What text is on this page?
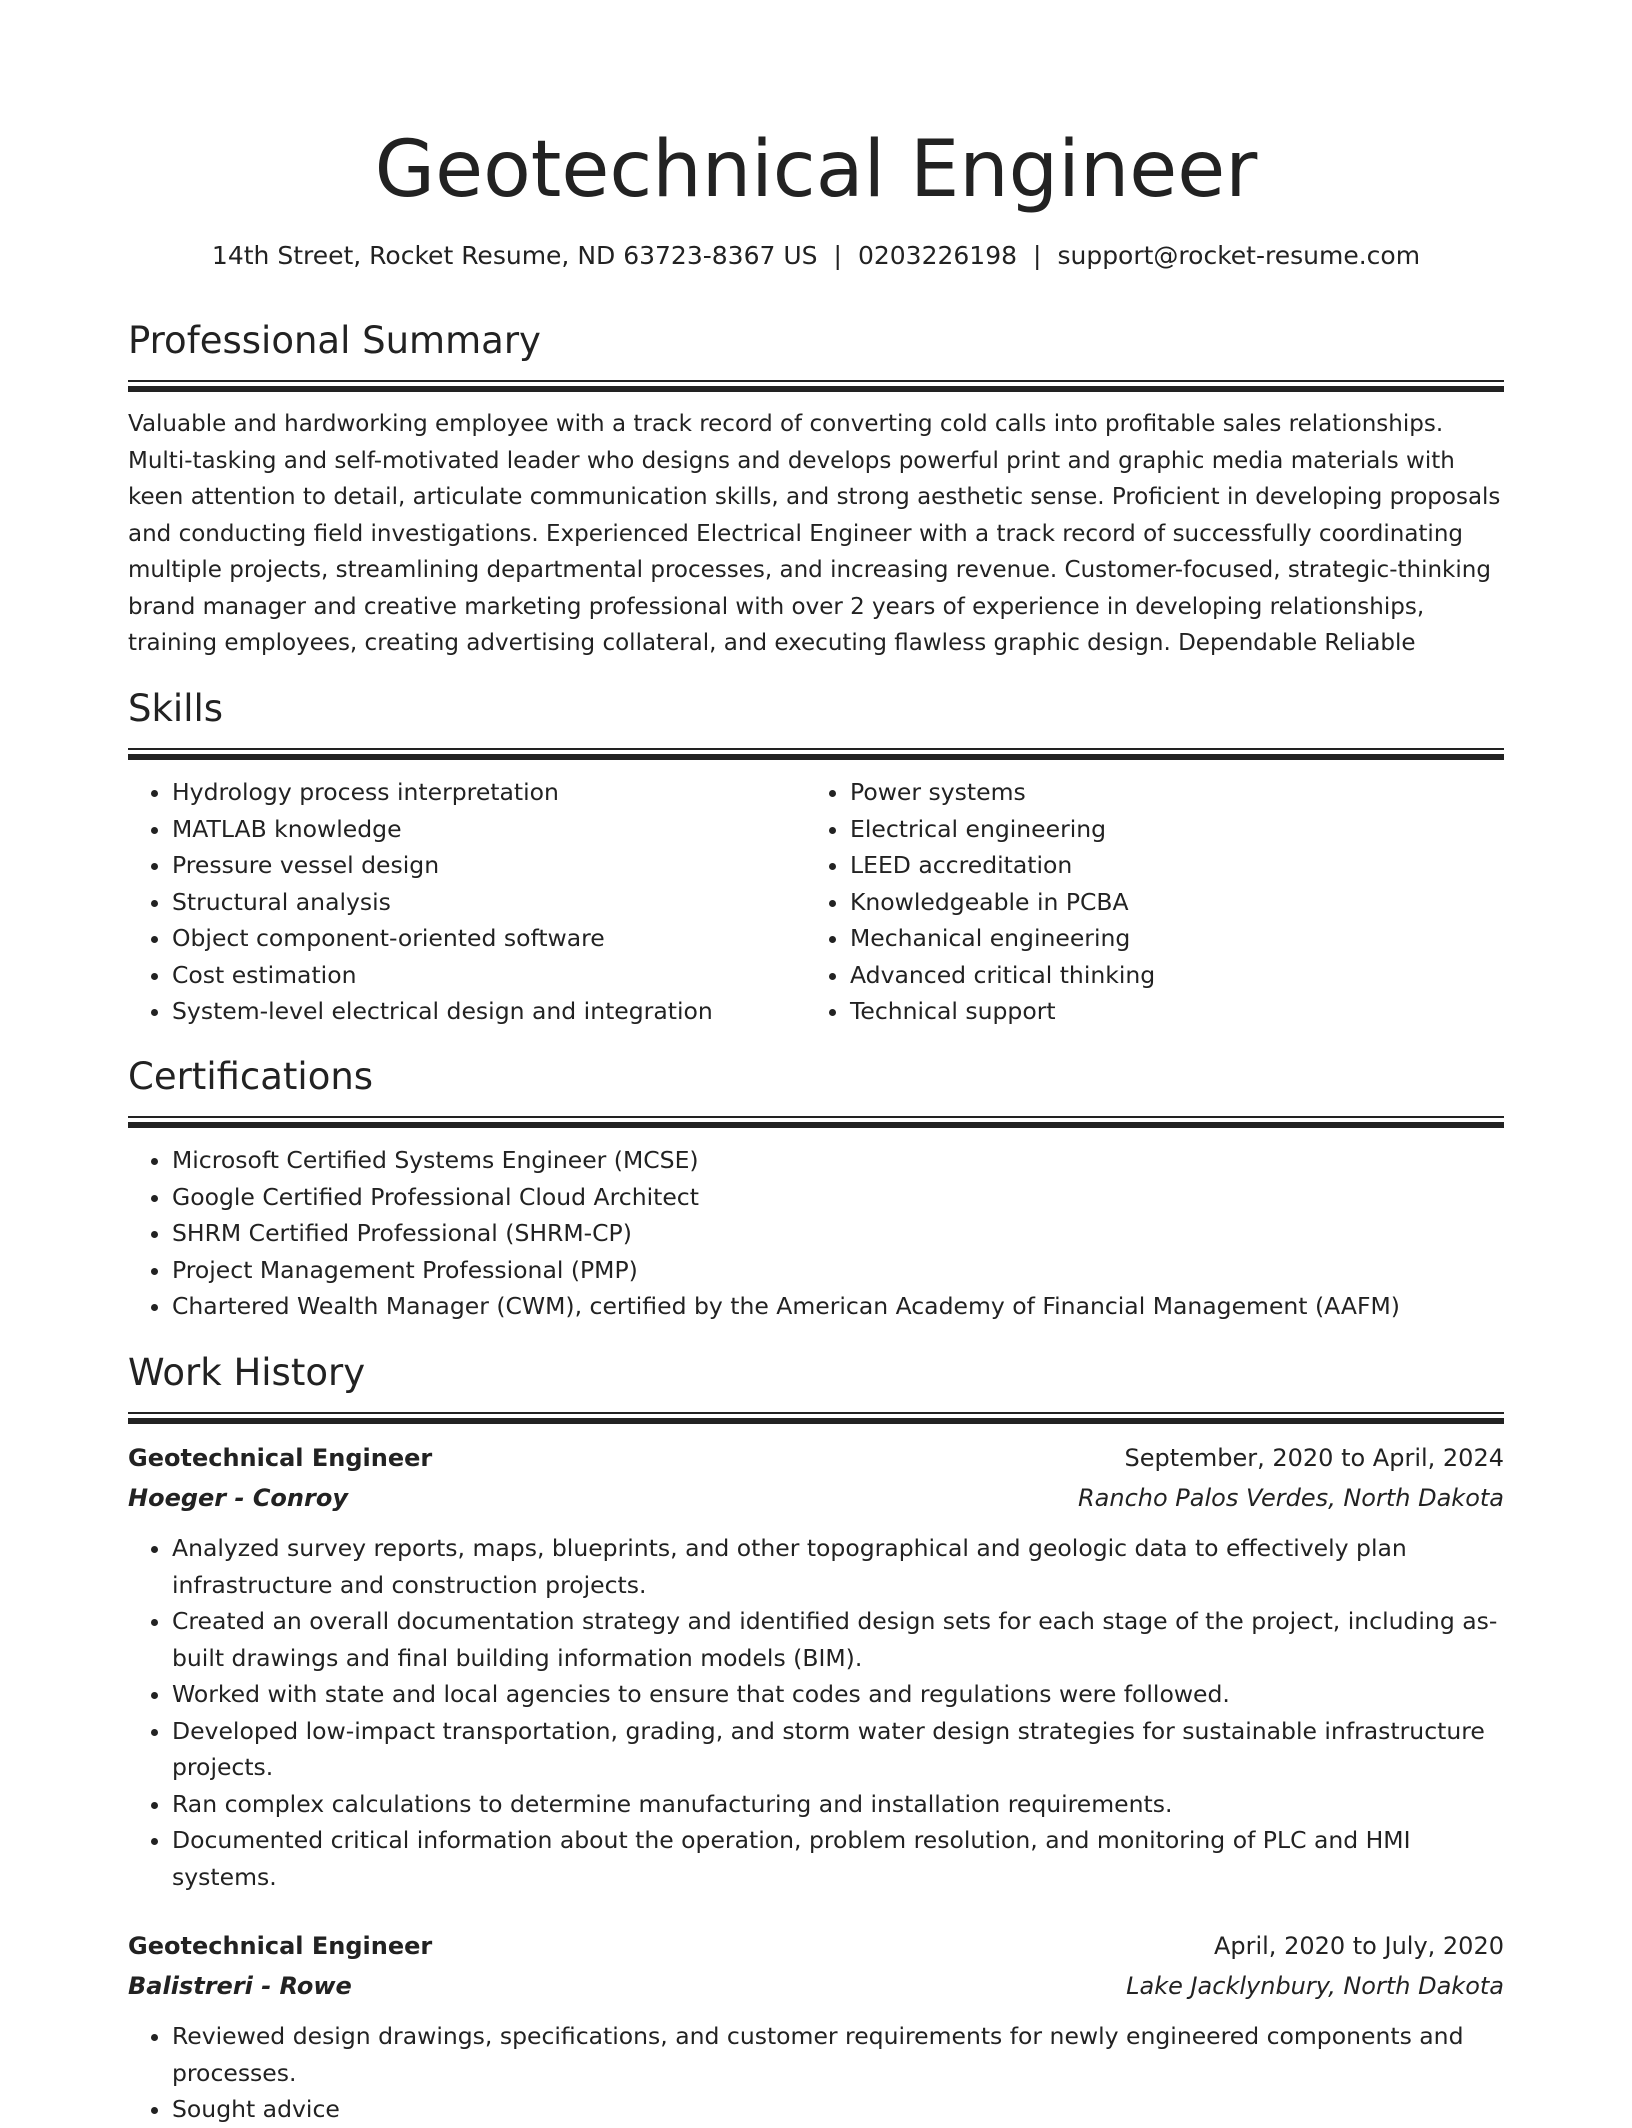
Geotechnical Engineer
14th Street, Rocket Resume, ND 63723-8367 US | 0203226198 | support@rocket-resume.com
Professional Summary

Valuable and hardworking employee with a track record of converting cold calls into profitable sales relationships. Multi-tasking and self-motivated leader who designs and develops powerful print and graphic media materials with keen attention to detail, articulate communication skills, and strong aesthetic sense. Proficient in developing proposals and conducting field investigations. Experienced Electrical Engineer with a track record of successfully coordinating multiple projects, streamlining departmental processes, and increasing revenue. Customer-focused, strategic-thinking brand manager and creative marketing professional with over 2 years of experience in developing relationships, training employees, creating advertising collateral, and executing flawless graphic design. Dependable Reliable

Skills
• Hydrology process interpretation
• MATLAB knowledge
• Pressure vessel design
• Structural analysis
• Object component-oriented software
• Cost estimation
• System-level electrical design and integration
• Power systems
• Electrical engineering
• LEED accreditation
• Knowledgeable in PCBA
• Mechanical engineering
• Advanced critical thinking
• Technical support
Certifications
• Microsoft Certified Systems Engineer (MCSE)
• Google Certified Professional Cloud Architect
• SHRM Certified Professional (SHRM-CP)
• Project Management Professional (PMP)
• Chartered Wealth Manager (CWM), certified by the American Academy of Financial Management (AAFM)
Work History
Geotechnical Engineer	September, 2020 to April, 2024
Hoeger - Conroy	Rancho Palos Verdes, North Dakota
• Analyzed survey reports, maps, blueprints, and other topographical and geologic data to effectively plan infrastructure and construction projects.
• Created an overall documentation strategy and identified design sets for each stage of the project, including as-built drawings and final building information models (BIM).
• Worked with state and local agencies to ensure that codes and regulations were followed.
• Developed low-impact transportation, grading, and storm water design strategies for sustainable infrastructure projects.
• Ran complex calculations to determine manufacturing and installation requirements.
• Documented critical information about the operation, problem resolution, and monitoring of PLC and HMI systems.
Geotechnical Engineer	April, 2020 to July, 2020
Balistreri - Rowe	Lake Jacklynbury, North Dakota
• Reviewed design drawings, specifications, and customer requirements for newly engineered components and processes.
• Sought advice
